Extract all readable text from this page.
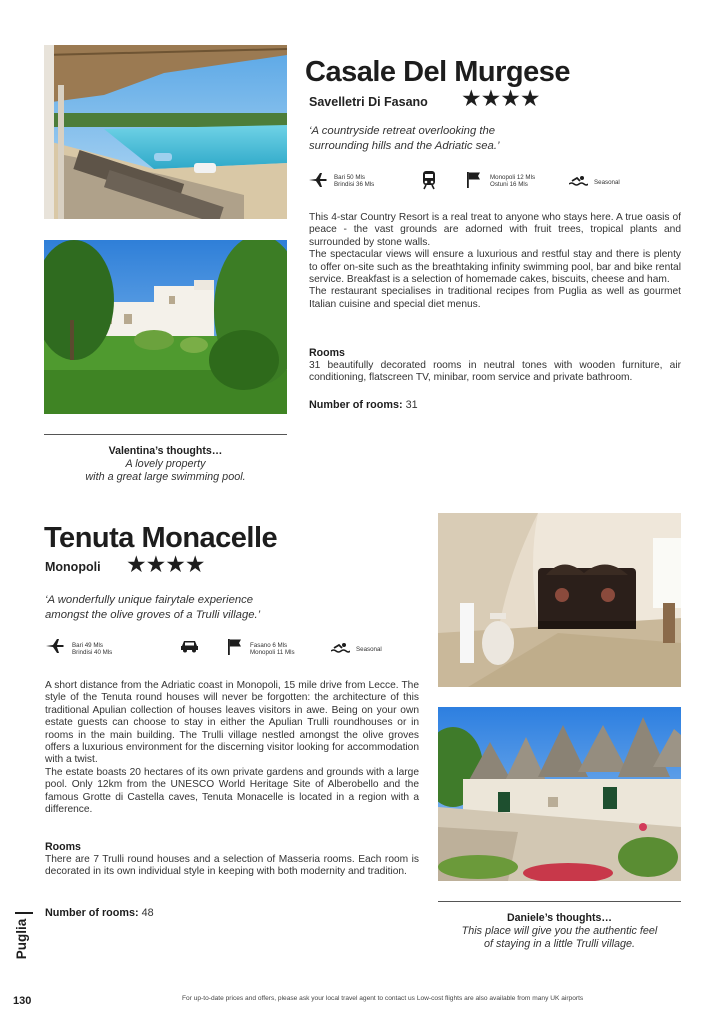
Casale Del Murgese
Savelletri Di Fasano ★★★★
‘A countryside retreat overlooking the surrounding hills and the Adriatic sea.’
Bari 50 Mls
Brindisi 36 Mls
Monopoli 12 Mls
Ostuni 16 Mls	Seasonal

This 4-star Country Resort is a real treat to anyone who stays here. A true oasis of peace - the vast grounds are adorned with fruit trees, tropical plants and surrounded by stone walls.

The spectacular views will ensure a luxurious and restful stay and there is plenty to offer on-site such as the breathtaking infinity swimming pool, bar and bike rental service. Breakfast is a selection of homemade cakes, biscuits, cheese and ham.

The restaurant specialises in traditional recipes from Puglia as well as gourmet Italian cuisine and special diet menus.

Rooms
31 beautifully decorated rooms in neutral tones with wooden furniture, air conditioning, flatscreen TV, minibar, room service and private bathroom.
Number of rooms: 31
Valentina’s thoughts…
A lovely property
with a great large swimming pool.
Tenuta Monacelle
Monopoli ★★★★
‘A wonderfully unique fairytale experience amongst the olive groves of a Trulli village.’
Bari 49 Mls
Brindisi 40 Mls
Fasano 6 Mls
Monopoli 11 Mls	Seasonal

A short distance from the Adriatic coast in Monopoli, 15 mile drive from Lecce. The style of the Tenuta round houses will never be forgotten: the architecture of this traditional Apulian collection of houses leaves visitors in awe. Being on your own estate guests can choose to stay in either the Apulian Trulli roundhouses or in rooms in the main building. The Trulli village nestled amongst the olive groves offers a luxurious environment for the discerning visitor looking for accommodation with a twist.

The estate boasts 20 hectares of its own private gardens and grounds with a large pool. Only 12km from the UNESCO World Heritage Site of Alberobello and the famous Grotte di Castella caves, Tenuta Monacelle is located in a region with a difference.

Rooms
There are 7 Trulli round houses and a selection of Masseria rooms. Each room is decorated in its own individual style in keeping with both modernity and tradition.
Number of rooms: 48	Daniele’s thoughts…
This place will give you the authentic feel
of staying in a little Trulli village.
Puglia
130	For up-to-date prices and offers, please ask your local travel agent to contact us Low-cost flights are also available from many UK airports
